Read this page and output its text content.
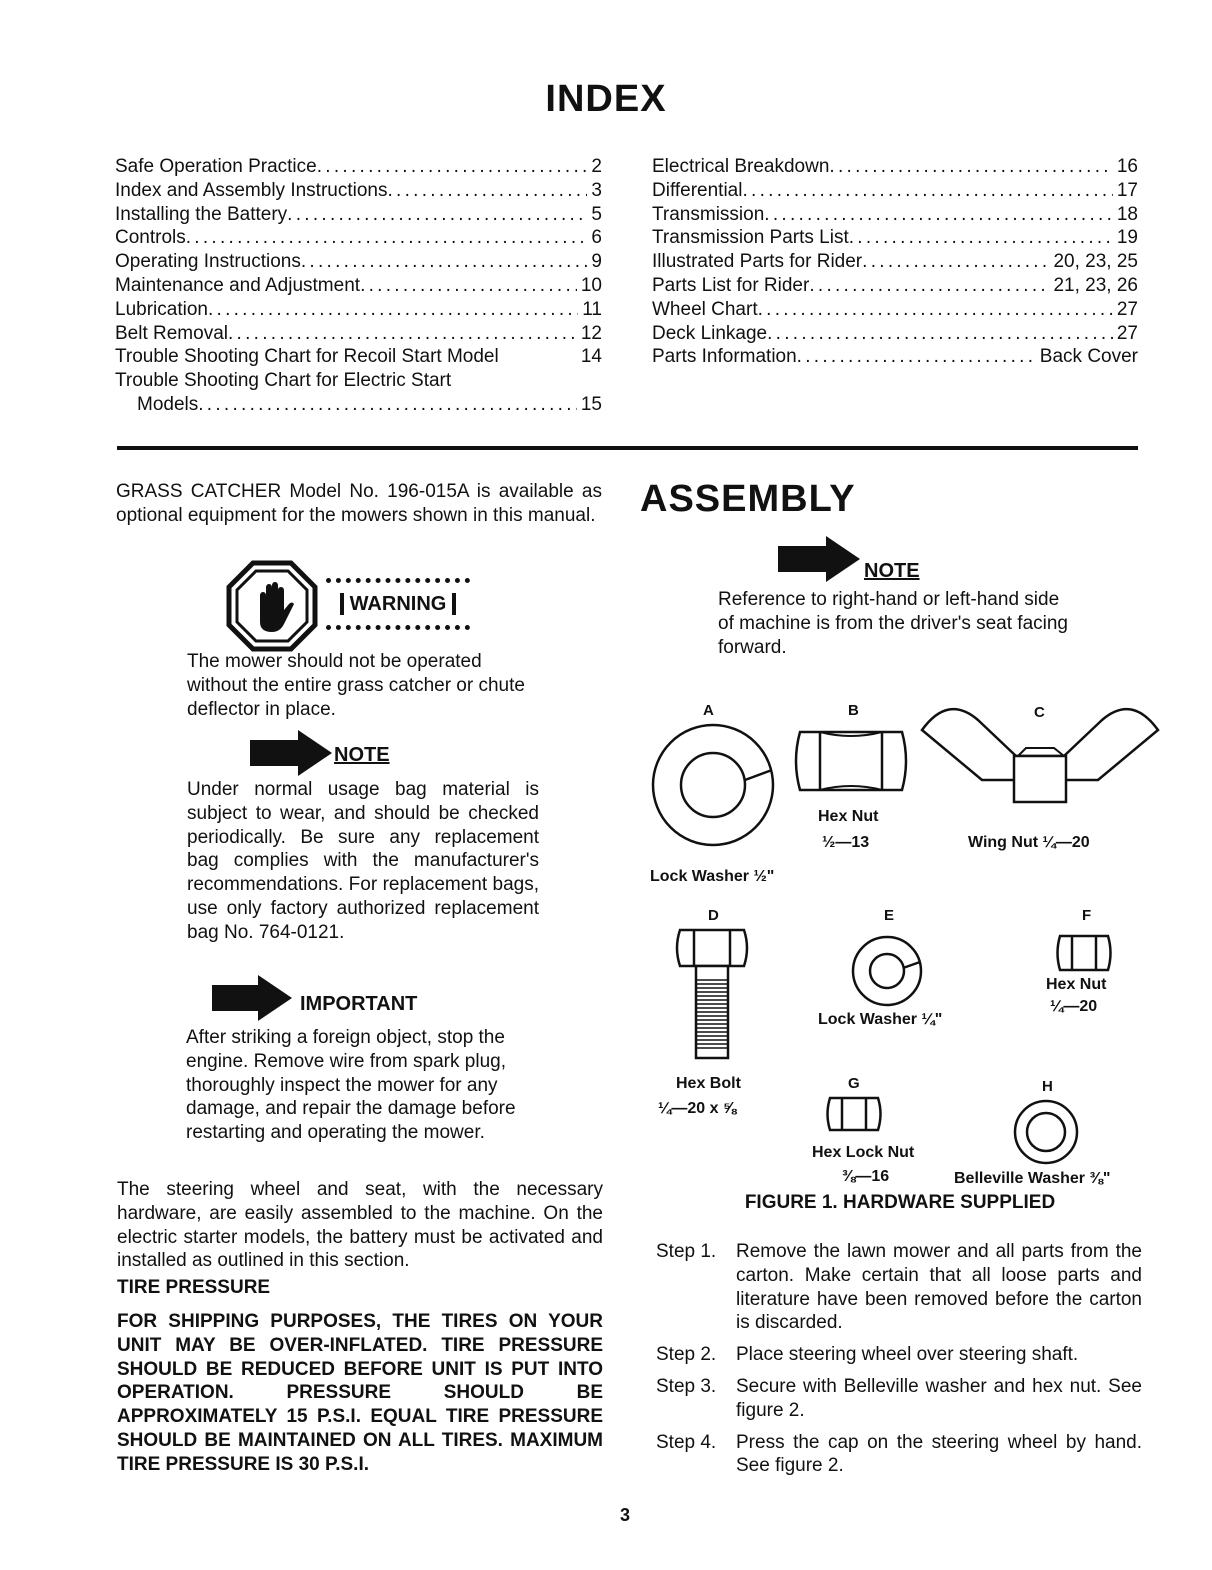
INDEX
Safe Operation Practice . . .	2
Index and Assembly Instructions . . .	3
Installing the Battery . . .	5
Controls . . .	6
Operating Instructions . . .	9
Maintenance and Adjustment . . .	10
Lubrication . . .	11
Belt Removal . . .	12
Trouble Shooting Chart for Recoil Start Model	14
Trouble Shooting Chart for Electric Start
Models . . .	15
Electrical Breakdown . . .	16
Differential . . .	17
Transmission . . .	18
Transmission Parts List . . .	19
Illustrated Parts for Rider . . .	20, 23, 25
Parts List for Rider . . .	21, 23, 26
Wheel Chart . . .	27
Deck Linkage . . .	27
Parts Information . . .	Back Cover
GRASS CATCHER Model No. 196-015A is available as optional equipment for the mowers shown in this manual.
WARNING
The mower should not be operated without the entire grass catcher or chute deflector in place.
NOTE
Under normal usage bag material is subject to wear, and should be checked periodically. Be sure any replacement bag complies with the manufacturer's recommendations. For replacement bags, use only factory authorized replacement bag No. 764-0121.
IMPORTANT
After striking a foreign object, stop the engine. Remove wire from spark plug, thoroughly inspect the mower for any damage, and repair the damage before restarting and operating the mower.
The steering wheel and seat, with the necessary hardware, are easily assembled to the machine. On the electric starter models, the battery must be activated and installed as outlined in this section.
TIRE PRESSURE
FOR SHIPPING PURPOSES, THE TIRES ON YOUR UNIT MAY BE OVER-INFLATED. TIRE PRESSURE SHOULD BE REDUCED BEFORE UNIT IS PUT INTO OPERATION. PRESSURE SHOULD BE APPROXIMATELY 15 P.S.I. EQUAL TIRE PRESSURE SHOULD BE MAINTAINED ON ALL TIRES. MAXIMUM TIRE PRESSURE IS 30 P.S.I.
ASSEMBLY
NOTE
Reference to right-hand or left-hand side of machine is from the driver's seat facing forward.
A	B	C
Hex Nut
½—13	Wing Nut ¼—20
Lock Washer ½"
D	E	F
Lock Washer ¼"
Hex Nut
¼—20
Hex Bolt
¼—20 x ⅝
G	H
Hex Lock Nut
⅜—16	Belleville Washer ⅜"
FIGURE 1. HARDWARE SUPPLIED
Step 1.	Remove the lawn mower and all parts from the carton. Make certain that all loose parts and literature have been removed before the carton is discarded.
Step 2.	Place steering wheel over steering shaft.
Step 3.	Secure with Belleville washer and hex nut. See figure 2.
Step 4.	Press the cap on the steering wheel by hand. See figure 2.
3
